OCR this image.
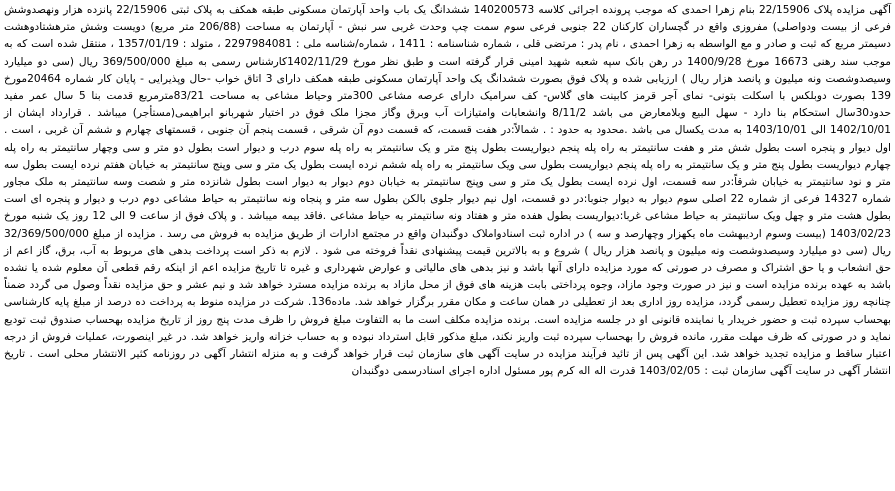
آگهی مزایده پلاک 22/15906 بنام زهرا احمدی که موجب پرونده اجرائی کلاسه 140200573 ششدانگ یک باب واحد آپارتمان مسکونی طبقه همکف به پلاک ثبتی 22/15906 پانزده هزار ونهصدوشش فرعی از بیست ودواصلی) مفروزی واقع در گچساران کارکنان 22 جنوبی فرعی سوم سمت چپ وحدت غربی سر نبش - آپارتمان به مساحت (206/88 متر مربع) دویست وشش مترهشتادوهشت دسیمتر مربع که ثبت و صادر و مع الواسطه به زهرا احمدی ، نام پدر : مرتضی قلی ، شماره شناسنامه : 1411 ، شماره/شناسه ملی : 2297984081 ، متولد : 1357/01/19 ، منتقل شده است که به موجب سند رهنی 16673 مورخ 1400/9/28 در رهن بانک سپه شعبه شهید امینی قرار گرفته است و طبق نظر مورخ 1402/11/29کارشناس رسمی به مبلغ 369/500/000 ریال (سی دو میلیارد وسیصدوشصت ونه میلیون و پانصد هزار ریال ) ارزیابی شده و پلاک فوق بصورت ششدانگ یک واحد آپارتمان مسکونی طبقه همکف دارای 3 اتاق خواب -حال وپذیرایی - پایان کار شماره 20464مورخ 139 بصورت دوبلکس با اسکلت بتونی- نمای آجر قرمز کابینت های گلاس- کف سرامیک دارای عرصه مشاعی 300متر وحیاط مشاعی به مساحت 83/21مترمربع قدمت بنا 5 سال عمر مفید حدود30سال استحکام بنا دارد - سهل البیع وبلامعارض می باشد 8/11/2 وانشعابات وامتیازات آب وبرق وگاز مجزا ملک فوق در اختیار شهربانو ابراهیمی(مستأجر) میباشد . قرارداد ایشان از 1402/10/01 الی 1403/10/01 به مدت یکسال می باشد .محدود به حدود : . شمالاً:در هفت قسمت، که قسمت دوم آن شرقی ، قسمت پنجم آن جنوبی ، قسمتهای چهارم و ششم آن غربی ، است . اول دیوار و پنجره است بطول شش متر و هفت سانتیمتر به راه پله پنجم دیواریست بطول پنج متر و یک سانتیمتر به راه پله سوم درب و دیوار است بطول دو متر و سی وچهار سانتیمتر به راه پله چهارم دیواریست بطول پنج متر و یک سانتیمتر به راه پله پنجم دیواریست بطول سی ویک سانتیمتر به راه پله ششم نرده ایست بطول یک متر و سی وپنج سانتیمتر به خیابان هفتم نرده ایست بطول سه متر و نود سانتیمتر به خیابان شرقاً:در سه قسمت، اول نرده ایست بطول یک متر و سی وپنج سانتیمتر به خیابان دوم دیوار به دیوار است بطول شانزده متر و شصت وسه سانتیمتر به ملک مجاور شماره 14327 فرعی از شماره 22 اصلی سوم دیوار به دیوار جنوبا:در دو قسمت، اول نیم دیوار جلوی بالکن بطول سه متر و پنجاه ونه سانتیمتر به حیاط مشاعی دوم درب و دیوار و پنجره ای است بطول هشت متر و چهل ویک سانتیمتر به حیاط مشاعی غربا:دیواریست بطول هفده متر و هفتاد ونه سانتیمتر به حیاط مشاعی .فاقد بیمه میباشد . و پلاک فوق از ساعت 9 الی 12 روز یک شنبه مورخ 1403/02/23 (بیست وسوم اردیبهشت ماه یکهزار وچهارصد و سه ) در اداره ثبت اسنادواملاک دوگنبدان واقع در مجتمع ادارات از طریق مزایده به فروش می رسد . مزایده از مبلغ 32/369/500/000 ریال (سی دو میلیارد وسیصدوشصت ونه میلیون و پانصد هزار ریال ) شروع و به بالاترین قیمت پیشنهادی نقداً فروخته می شود . لازم به ذکر است پرداخت بدهی های مربوط به آب، برق، گاز اعم از حق انشعاب و یا حق اشتراک و مصرف در صورتی که مورد مزایده دارای آنها باشد و نیز بدهی های مالیاتی و عوارض شهرداری و غیره تا تاریخ مزایده اعم از اینکه رقم قطعی آن معلوم شده یا نشده باشد به عهده برنده مزایده است و نیز در صورت وجود مازاد، وجوه پرداختی بابت هزینه های فوق از محل مازاد به برنده مزایده مسترد خواهد شد و نیم عشر و حق مزایده نقداً وصول می گردد ضمناً چنانچه روز مزایده تعطیل رسمی گردد، مزایده روز اداری بعد از تعطیلی در همان ساعت و مکان مقرر برگزار خواهد شد. ماده136. شرکت در مزایده منوط به پرداخت ده درصد از مبلغ پایه کارشناسی بهحساب سپرده ثبت و حضور خریدار یا نماینده قانونی او در جلسه مزایده است. برنده مزایده مکلف است ما به التفاوت مبلغ فروش را ظرف مدت پنج روز از تاریخ مزایده بهحساب صندوق ثبت تودیع نماید و در صورتی که ظرف مهلت مقرر، مانده فروش را بهحساب سپرده ثبت واریز نکند، مبلغ مذکور قابل استرداد نبوده و به حساب خزانه واریز خواهد شد. در غیر اینصورت، عملیات فروش از درجه اعتبار ساقط و مزایده تجدید خواهد شد. این آگهی پس از تائید فرآیند مزایده در سایت آگهی های سازمان ثبت قرار خواهد گرفت و به منزله انتشار آگهی در روزنامه کثیر الانتشار محلی است . تاریخ انتشار آگهی در سایت آگهی سازمان ثبت : 1403/02/05 قدرت اله اله کرم پور مسئول اداره اجرای اسنادرسمی دوگنبدان
